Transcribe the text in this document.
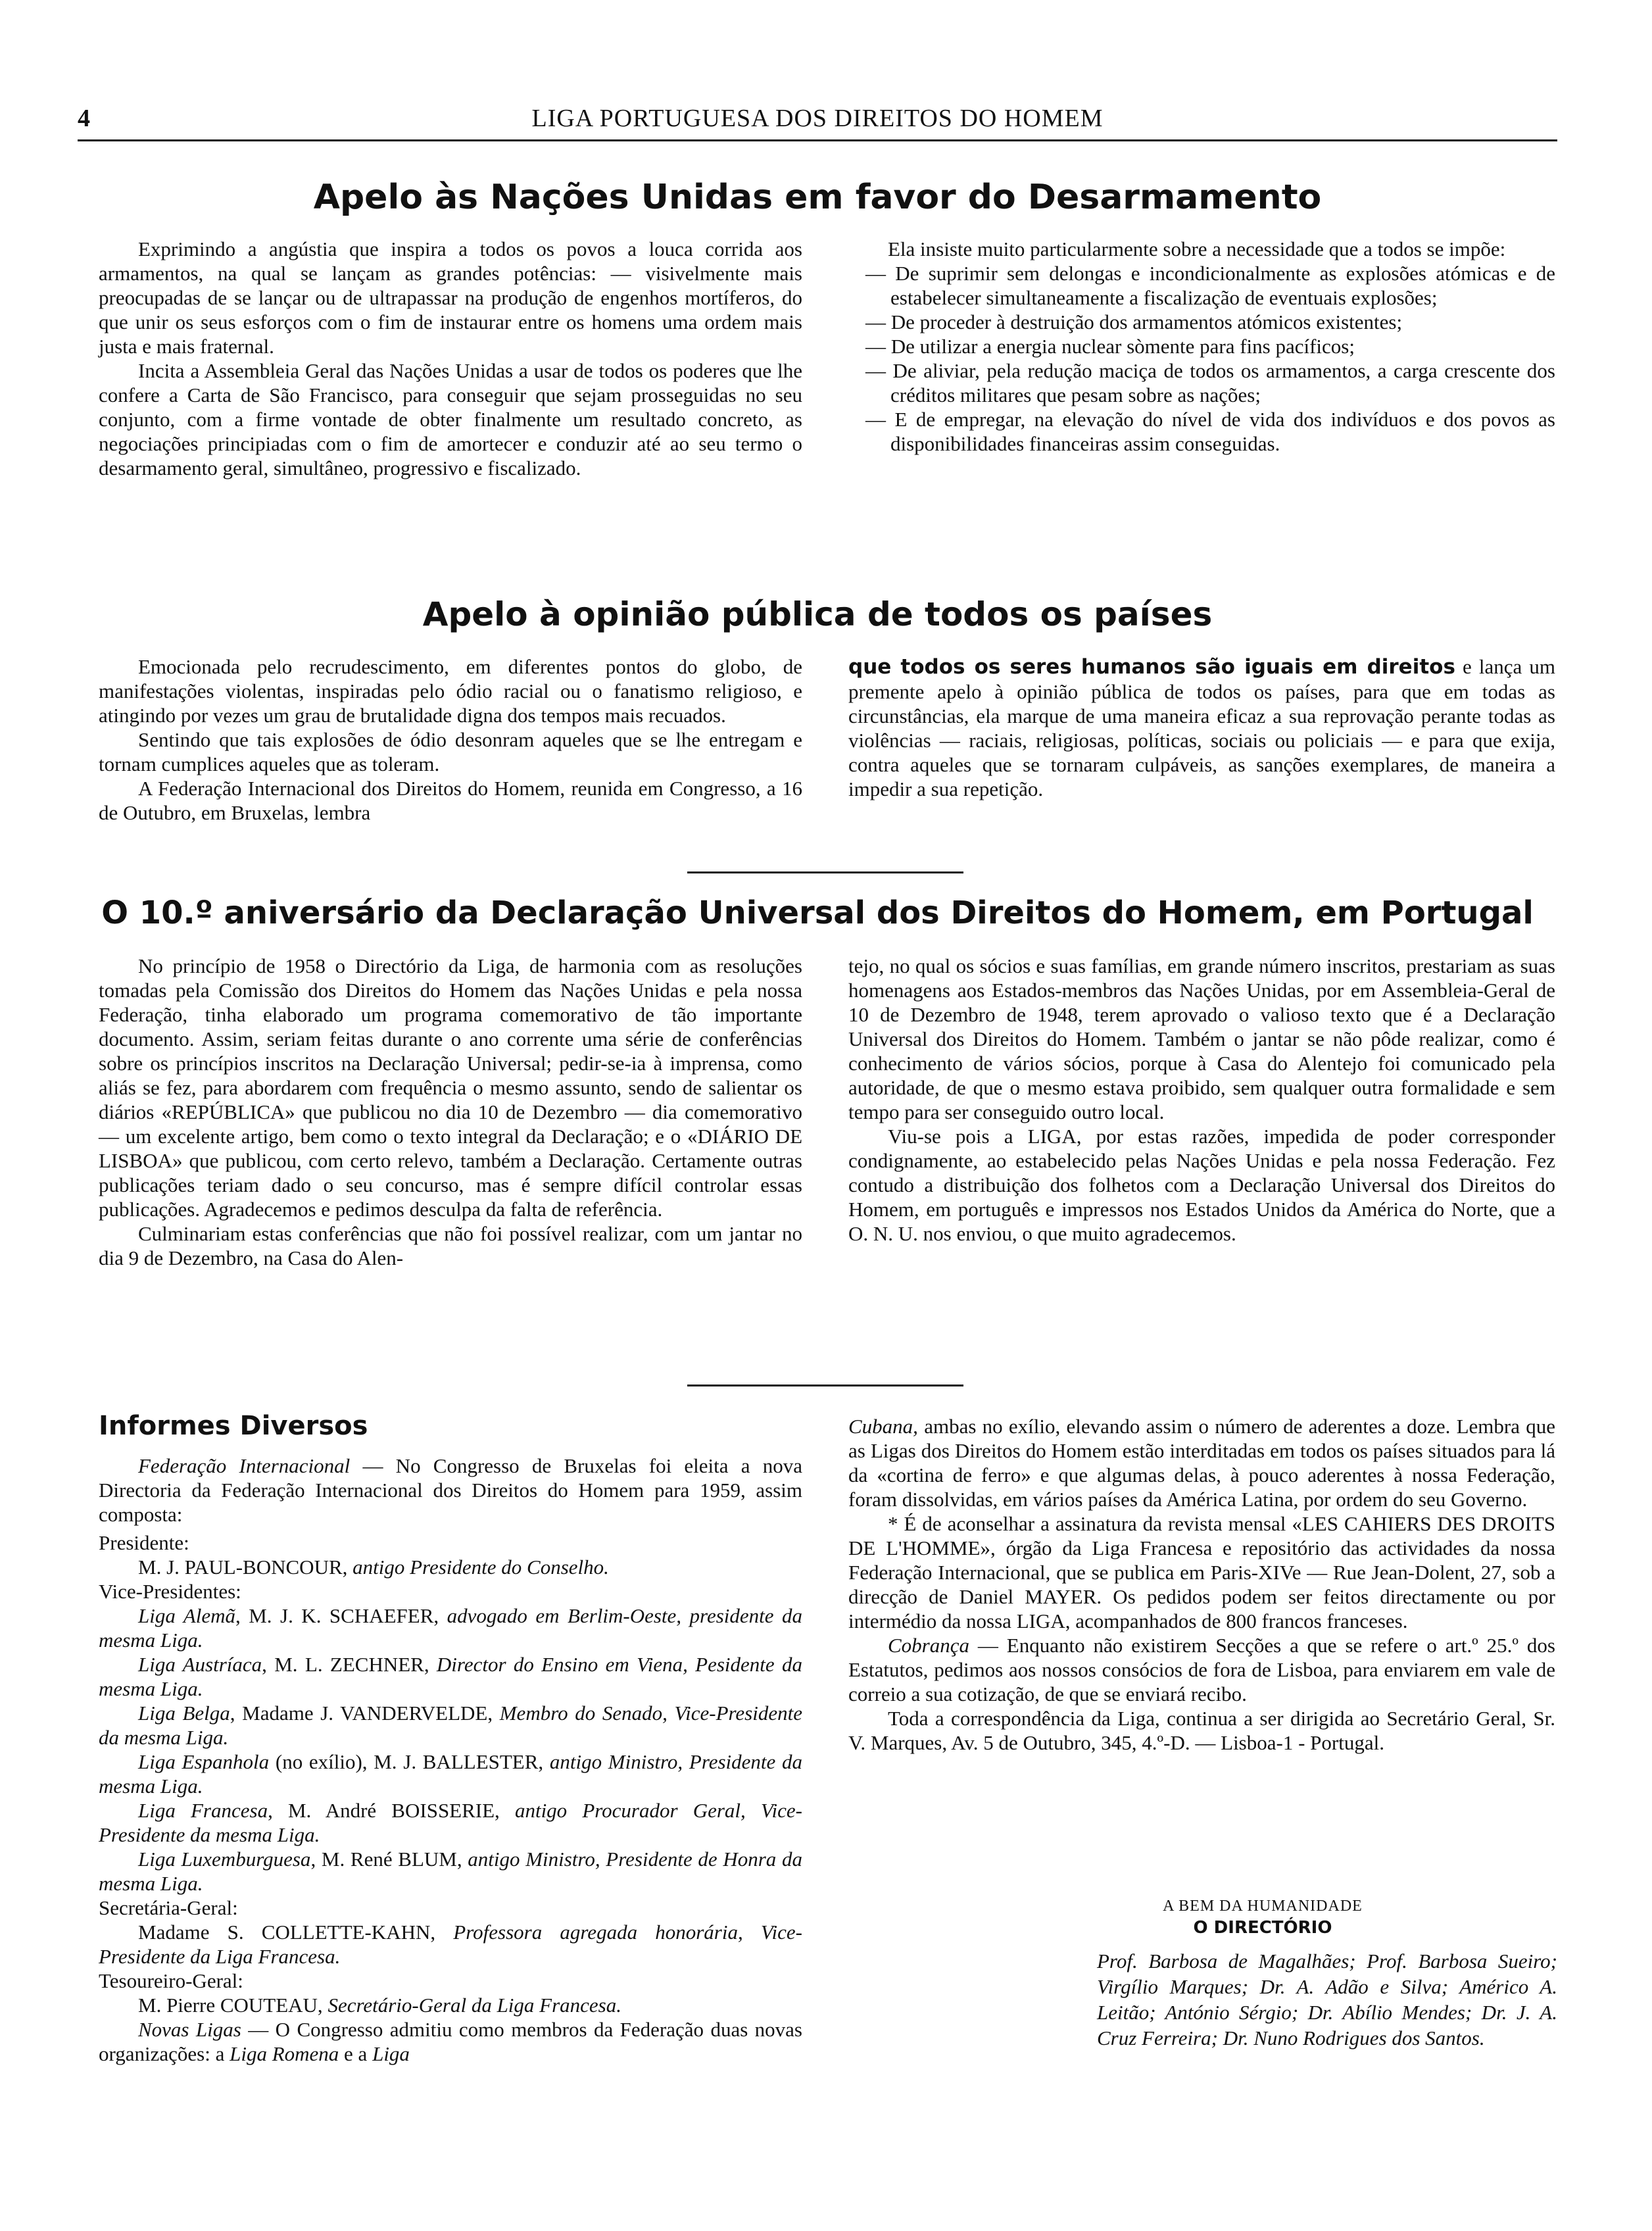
4	LIGA PORTUGUESA DOS DIREITOS DO HOMEM
Apelo às Nações Unidas em favor do Desarmamento

Exprimindo a angústia que inspira a todos os povos a louca corrida aos armamentos, na qual se lançam as grandes potências: — visivelmente mais preocupadas de se lançar ou de ultrapassar na produção de engenhos mortíferos, do que unir os seus esforços com o fim de instaurar entre os homens uma ordem mais justa e mais fraternal.

Incita a Assembleia Geral das Nações Unidas a usar de todos os poderes que lhe confere a Carta de São Francisco, para conseguir que sejam prosseguidas no seu conjunto, com a firme vontade de obter finalmente um resultado concreto, as negociações principiadas com o fim de amortecer e conduzir até ao seu termo o desarmamento geral, simultâneo, progressivo e fiscalizado.

Ela insiste muito particularmente sobre a necessidade que a todos se impõe:

— De suprimir sem delongas e incondicionalmente as explosões atómicas e de estabelecer simultaneamente a fiscalização de eventuais explosões;

— De proceder à destruição dos armamentos atómicos existentes;

— De utilizar a energia nuclear sòmente para fins pacíficos;

— De aliviar, pela redução maciça de todos os armamentos, a carga crescente dos créditos militares que pesam sobre as nações;

— E de empregar, na elevação do nível de vida dos indivíduos e dos povos as disponibilidades financeiras assim conseguidas.

Apelo à opinião pública de todos os países

Emocionada pelo recrudescimento, em diferentes pontos do globo, de manifestações violentas, inspiradas pelo ódio racial ou o fanatismo religioso, e atingindo por vezes um grau de brutalidade digna dos tempos mais recuados.

Sentindo que tais explosões de ódio desonram aqueles que se lhe entregam e tornam cumplices aqueles que as toleram.

A Federação Internacional dos Direitos do Homem, reunida em Congresso, a 16 de Outubro, em Bruxelas, lembra

que todos os seres humanos são iguais em direitos e lança um premente apelo à opinião pública de todos os países, para que em todas as circunstâncias, ela marque de uma maneira eficaz a sua reprovação perante todas as violências — raciais, religiosas, políticas, sociais ou policiais — e para que exija, contra aqueles que se tornaram culpáveis, as sanções exemplares, de maneira a impedir a sua repetição.

O 10.º aniversário da Declaração Universal dos Direitos do Homem, em Portugal

No princípio de 1958 o Directório da Liga, de harmonia com as resoluções tomadas pela Comissão dos Direitos do Homem das Nações Unidas e pela nossa Federação, tinha elaborado um programa comemorativo de tão importante documento. Assim, seriam feitas durante o ano corrente uma série de conferências sobre os princípios inscritos na Declaração Universal; pedir-se-ia à imprensa, como aliás se fez, para abordarem com frequência o mesmo assunto, sendo de salientar os diários «REPÚBLICA» que publicou no dia 10 de Dezembro — dia comemorativo — um excelente artigo, bem como o texto integral da Declaração; e o «DIÁRIO DE LISBOA» que publicou, com certo relevo, também a Declaração. Certamente outras publicações teriam dado o seu concurso, mas é sempre difícil controlar essas publicações. Agradecemos e pedimos desculpa da falta de referência.

Culminariam estas conferências que não foi possível realizar, com um jantar no dia 9 de Dezembro, na Casa do Alen-

tejo, no qual os sócios e suas famílias, em grande número inscritos, prestariam as suas homenagens aos Estados-membros das Nações Unidas, por em Assembleia-Geral de 10 de Dezembro de 1948, terem aprovado o valioso texto que é a Declaração Universal dos Direitos do Homem. Também o jantar se não pôde realizar, como é conhecimento de vários sócios, porque à Casa do Alentejo foi comunicado pela autoridade, de que o mesmo estava proibido, sem qualquer outra formalidade e sem tempo para ser conseguido outro local.

Viu-se pois a LIGA, por estas razões, impedida de poder corresponder condignamente, ao estabelecido pelas Nações Unidas e pela nossa Federação. Fez contudo a distribuição dos folhetos com a Declaração Universal dos Direitos do Homem, em português e impressos nos Estados Unidos da América do Norte, que a O. N. U. nos enviou, o que muito agradecemos.

Informes Diversos

Federação Internacional — No Congresso de Bruxelas foi eleita a nova Directoria da Federação Internacional dos Direitos do Homem para 1959, assim composta:

Presidente:

M. J. PAUL-BONCOUR, antigo Presidente do Conselho.

Vice-Presidentes:

Liga Alemã, M. J. K. SCHAEFER, advogado em Berlim-Oeste, presidente da mesma Liga.

Liga Austríaca, M. L. ZECHNER, Director do Ensino em Viena, Pesidente da mesma Liga.

Liga Belga, Madame J. VANDERVELDE, Membro do Senado, Vice-Presidente da mesma Liga.

Liga Espanhola (no exílio), M. J. BALLESTER, antigo Ministro, Presidente da mesma Liga.

Liga Francesa, M. André BOISSERIE, antigo Procurador Geral, Vice-Presidente da mesma Liga.

Liga Luxemburguesa, M. René BLUM, antigo Ministro, Presidente de Honra da mesma Liga.

Secretária-Geral:

Madame S. COLLETTE-KAHN, Professora agregada honorária, Vice-Presidente da Liga Francesa.

Tesoureiro-Geral:

M. Pierre COUTEAU, Secretário-Geral da Liga Francesa.

Novas Ligas — O Congresso admitiu como membros da Federação duas novas organizações: a Liga Romena e a Liga

Cubana, ambas no exílio, elevando assim o número de aderentes a doze. Lembra que as Ligas dos Direitos do Homem estão interditadas em todos os países situados para lá da «cortina de ferro» e que algumas delas, à pouco aderentes à nossa Federação, foram dissolvidas, em vários países da América Latina, por ordem do seu Governo.

* É de aconselhar a assinatura da revista mensal «LES CAHIERS DES DROITS DE L'HOMME», órgão da Liga Francesa e repositório das actividades da nossa Federação Internacional, que se publica em Paris-XIVe — Rue Jean-Dolent, 27, sob a direcção de Daniel MAYER. Os pedidos podem ser feitos directamente ou por intermédio da nossa LIGA, acompanhados de 800 francos franceses.

Cobrança — Enquanto não existirem Secções a que se refere o art.º 25.º dos Estatutos, pedimos aos nossos consócios de fora de Lisboa, para enviarem em vale de correio a sua cotização, de que se enviará recibo.

Toda a correspondência da Liga, continua a ser dirigida ao Secretário Geral, Sr. V. Marques, Av. 5 de Outubro, 345, 4.º-D. — Lisboa-1 - Portugal.

A BEM DA HUMANIDADE
O DIRECTÓRIO
Prof. Barbosa de Magalhães; Prof. Barbosa Sueiro; Virgílio Marques; Dr. A. Adão e Silva; Américo A. Leitão; António Sérgio; Dr. Abílio Mendes; Dr. J. A. Cruz Ferreira; Dr. Nuno Rodrigues dos Santos.
